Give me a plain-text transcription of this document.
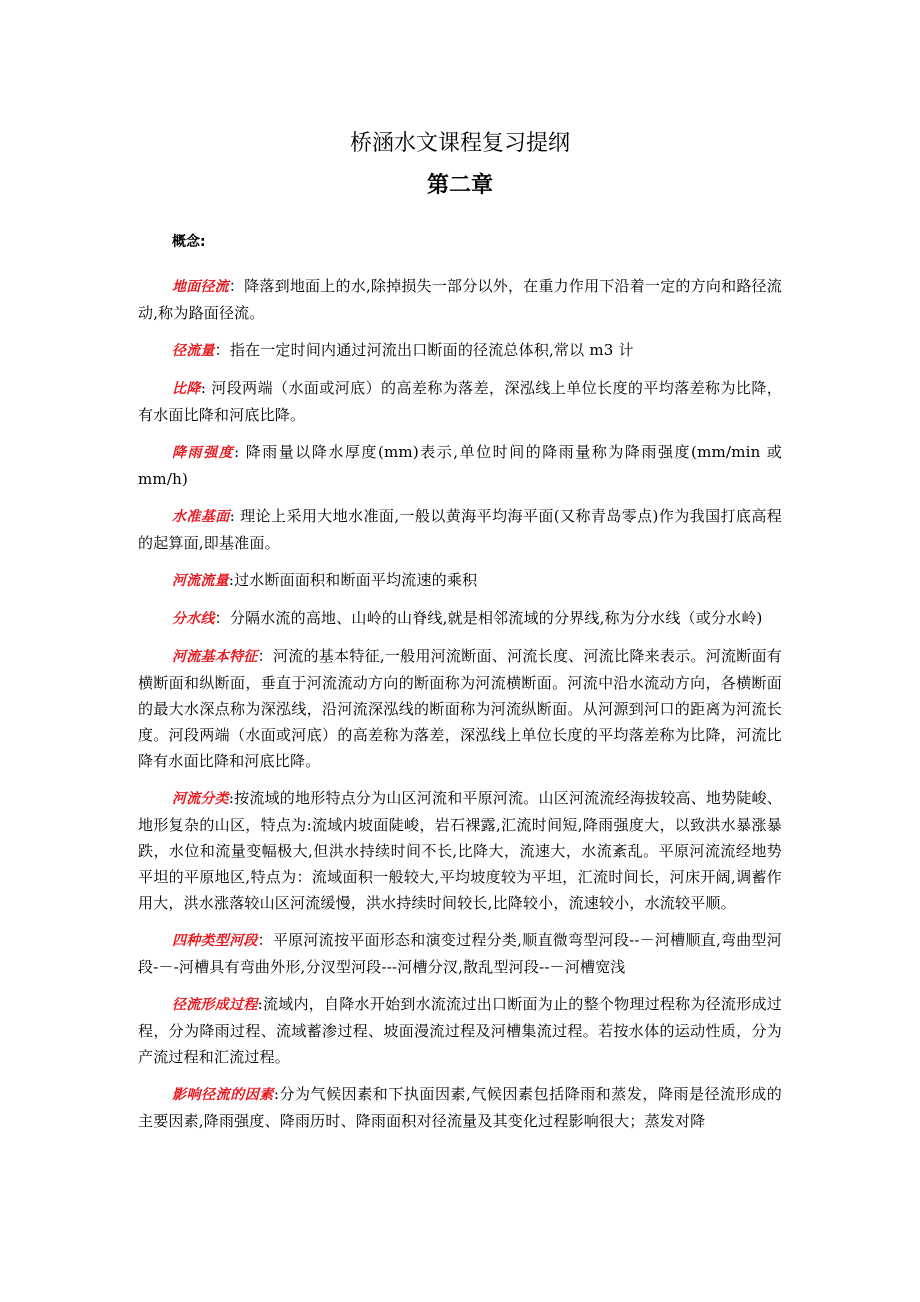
桥涵水文课程复习提纲
第二章
概念:

地面径流：降落到地面上的水,除掉损失一部分以外，在重力作用下沿着一定的方向和路径流动,称为路面径流。

径流量：指在一定时间内通过河流出口断面的径流总体积,常以 m3 计

比降: 河段两端（水面或河底）的高差称为落差，深泓线上单位长度的平均落差称为比降，有水面比降和河底比降。

降雨强度: 降雨量以降水厚度(mm)表示,单位时间的降雨量称为降雨强度(mm/min 或 mm/h)

水准基面: 理论上采用大地水准面,一般以黄海平均海平面(又称青岛零点)作为我国打底高程的起算面,即基准面。

河流流量:过水断面面积和断面平均流速的乘积

分水线：分隔水流的高地、山岭的山脊线,就是相邻流域的分界线,称为分水线（或分水岭)

河流基本特征：河流的基本特征,一般用河流断面、河流长度、河流比降来表示。河流断面有横断面和纵断面，垂直于河流流动方向的断面称为河流横断面。河流中沿水流动方向，各横断面的最大水深点称为深泓线，沿河流深泓线的断面称为河流纵断面。从河源到河口的距离为河流长度。河段两端（水面或河底）的高差称为落差，深泓线上单位长度的平均落差称为比降，河流比降有水面比降和河底比降。

河流分类:按流域的地形特点分为山区河流和平原河流。山区河流流经海拔较高、地势陡峻、地形复杂的山区，特点为:流域内坡面陡峻，岩石裸露,汇流时间短,降雨强度大，以致洪水暴涨暴跌，水位和流量变幅极大,但洪水持续时间不长,比降大，流速大，水流紊乱。平原河流流经地势平坦的平原地区,特点为：流域面积一般较大,平均坡度较为平坦，汇流时间长，河床开阔,调蓄作用大，洪水涨落较山区河流缓慢，洪水持续时间较长,比降较小，流速较小，水流较平顺。

四种类型河段：平原河流按平面形态和演变过程分类,顺直微弯型河段--－河槽顺直,弯曲型河段-－-河槽具有弯曲外形,分汊型河段---河槽分汊,散乱型河段--－河槽宽浅

径流形成过程:流域内，自降水开始到水流流过出口断面为止的整个物理过程称为径流形成过程，分为降雨过程、流域蓄渗过程、坡面漫流过程及河槽集流过程。若按水体的运动性质，分为产流过程和汇流过程。

影响径流的因素:分为气候因素和下执面因素,气候因素包括降雨和蒸发，降雨是径流形成的主要因素,降雨强度、降雨历时、降雨面积对径流量及其变化过程影响很大；蒸发对降
